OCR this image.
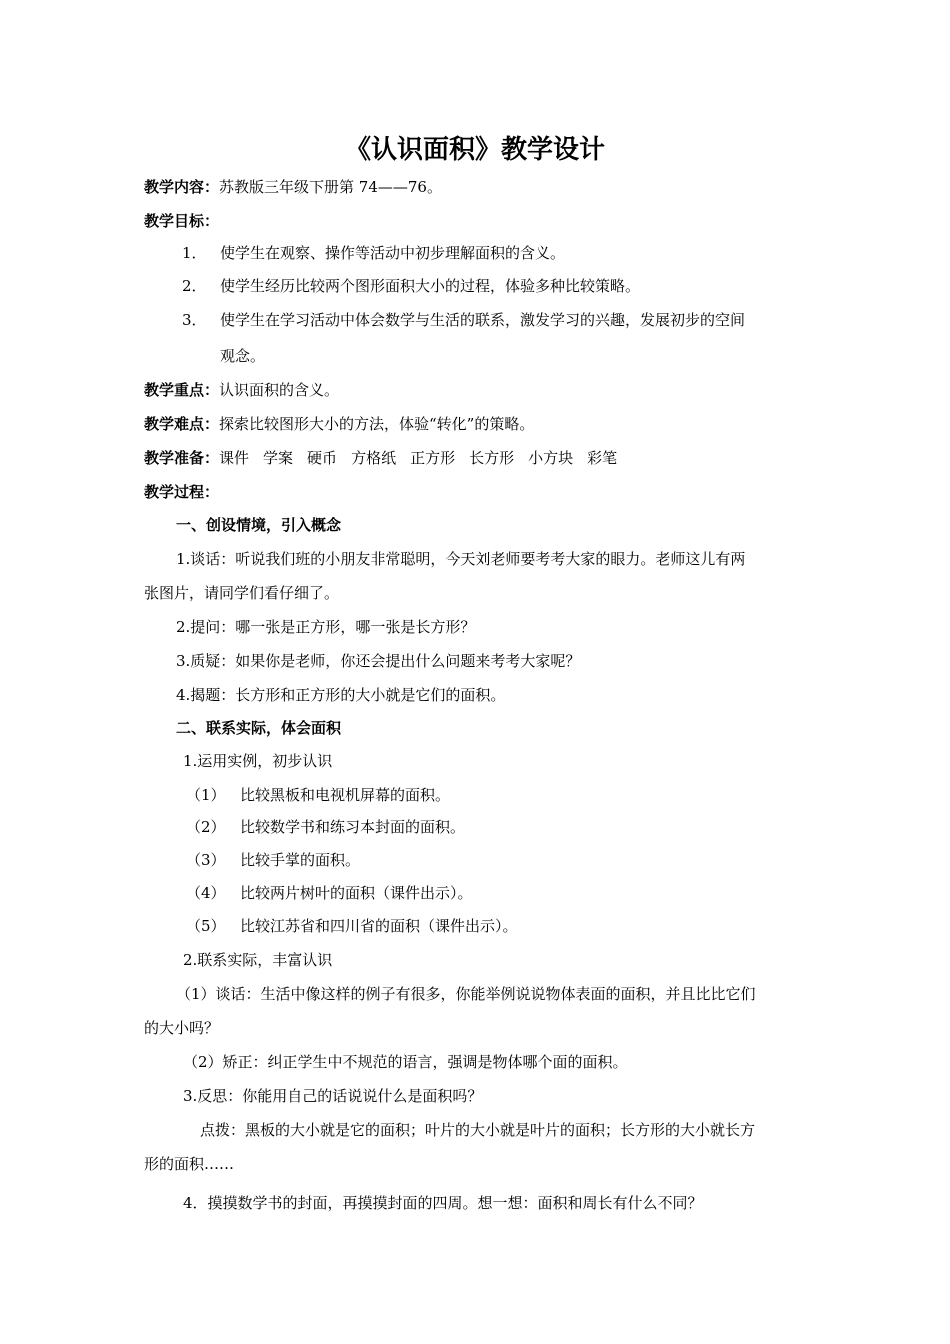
《认识面积》教学设计
教学内容：苏教版三年级下册第 74——76。
教学目标：
1． 使学生在观察、操作等活动中初步理解面积的含义。
2． 使学生经历比较两个图形面积大小的过程，体验多种比较策略。
3． 使学生在学习活动中体会数学与生活的联系，激发学习的兴趣，发展初步的空间
观念。
教学重点：认识面积的含义。
教学难点：探索比较图形大小的方法，体验“转化”的策略。
教学准备：课件 学案 硬币 方格纸 正方形 长方形 小方块 彩笔
教学过程：
一、创设情境，引入概念
1.谈话：听说我们班的小朋友非常聪明，今天刘老师要考考大家的眼力。老师这儿有两
张图片，请同学们看仔细了。
2.提问：哪一张是正方形，哪一张是长方形？
3.质疑：如果你是老师，你还会提出什么问题来考考大家呢？
4.揭题：长方形和正方形的大小就是它们的面积。
二、联系实际，体会面积
1.运用实例，初步认识
（1） 比较黑板和电视机屏幕的面积。
（2） 比较数学书和练习本封面的面积。
（3） 比较手掌的面积。
（4） 比较两片树叶的面积（课件出示）。
（5） 比较江苏省和四川省的面积（课件出示）。
2.联系实际，丰富认识
（1）谈话：生活中像这样的例子有很多，你能举例说说物体表面的面积，并且比比它们
的大小吗？
（2）矫正：纠正学生中不规范的语言，强调是物体哪个面的面积。
3.反思：你能用自己的话说说什么是面积吗？
点拨：黑板的大小就是它的面积；叶片的大小就是叶片的面积；长方形的大小就长方
形的面积……
4．摸摸数学书的封面，再摸摸封面的四周。想一想：面积和周长有什么不同？
